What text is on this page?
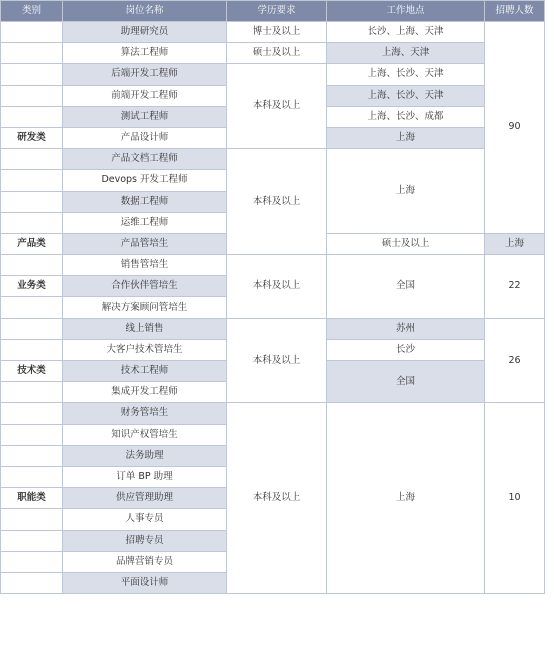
类别	岗位名称	学历要求	工作地点	招聘人数	
	助理研究员	博士及以上	长沙、上海、天津	90	
	算法工程师	硕士及以上	上海、天津		
	后端开发工程师	本科及以上	上海、长沙、天津		
	前端开发工程师		上海、长沙、天津		
	测试工程师		上海、长沙、成都		
研发类	产品设计师		上海		
	产品文档工程师	本科及以上	上海		
	Devops 开发工程师				
	数据工程师				
	运维工程师				
产品类	产品管培生		硕士及以上	上海	
	销售管培生	本科及以上	全国	22	
业务类	合作伙伴管培生				
	解决方案顾问管培生				
	线上销售	本科及以上	苏州	26	
	大客户技术管培生		长沙		
技术类	技术工程师		全国		
	集成开发工程师				
	财务管培生	本科及以上	上海	10	
	知识产权管培生				
	法务助理				
	订单 BP 助理				
职能类	供应管理助理				
	人事专员				
	招聘专员				
	品牌营销专员				
	平面设计师				
